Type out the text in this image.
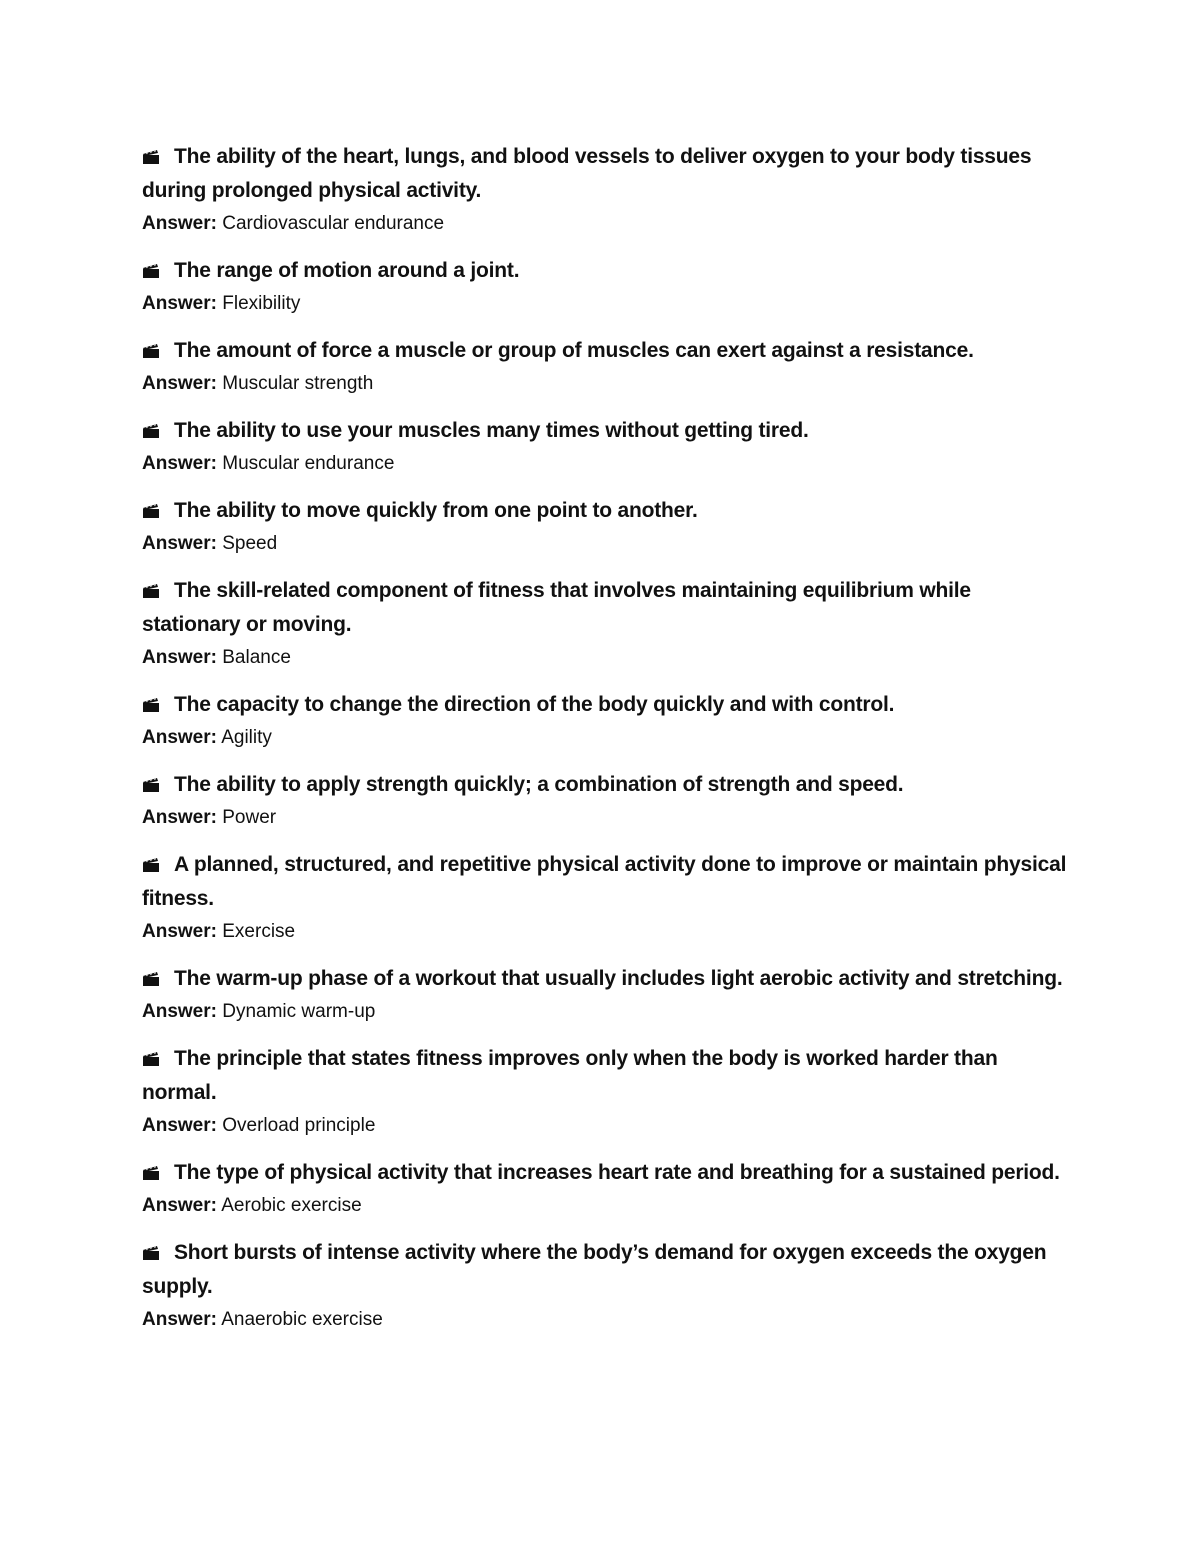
The ability of the heart, lungs, and blood vessels to deliver oxygen to your body tissues during prolonged physical activity.
Answer: Cardiovascular endurance
The range of motion around a joint.
Answer: Flexibility
The amount of force a muscle or group of muscles can exert against a resistance.
Answer: Muscular strength
The ability to use your muscles many times without getting tired.
Answer: Muscular endurance
The ability to move quickly from one point to another.
Answer: Speed
The skill-related component of fitness that involves maintaining equilibrium while stationary or moving.
Answer: Balance
The capacity to change the direction of the body quickly and with control.
Answer: Agility
The ability to apply strength quickly; a combination of strength and speed.
Answer: Power
A planned, structured, and repetitive physical activity done to improve or maintain physical fitness.
Answer: Exercise
The warm-up phase of a workout that usually includes light aerobic activity and stretching.
Answer: Dynamic warm-up
The principle that states fitness improves only when the body is worked harder than normal.
Answer: Overload principle
The type of physical activity that increases heart rate and breathing for a sustained period.
Answer: Aerobic exercise
Short bursts of intense activity where the body’s demand for oxygen exceeds the oxygen supply.
Answer: Anaerobic exercise
